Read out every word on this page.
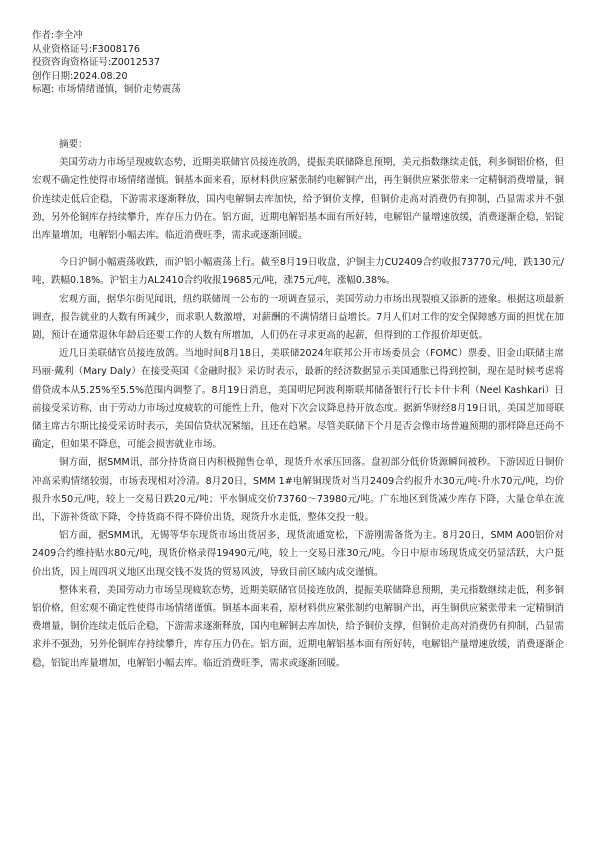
作者:李全冲
从业资格证号:F3008176
投资咨询资格证号:Z0012537
创作日期:2024.08.20
标题: 市场情绪谨慎，铜价走势震荡
摘要：

美国劳动力市场呈现疲软态势，近期美联储官员接连放鸽，提振美联储降息预期，美元指数继续走低，利多铜铝价格，但宏观不确定性使得市场情绪谨慎。铜基本面来看，原材料供应紧张制约电解铜产出，再生铜供应紧张带来一定精铜消费增量，铜价连续走低后企稳，下游需求逐渐释放，国内电解铜去库加快，给予铜价支撑，但铜价走高对消费仍有抑制，凸显需求并不强劲，另外伦铜库存持续攀升，库存压力仍在。铝方面，近期电解铝基本面有所好转，电解铝产量增速放缓，消费逐渐企稳，铝锭出库量增加，电解铝小幅去库。临近消费旺季，需求或逐渐回暖。

今日沪铜小幅震荡收跌，而沪铝小幅震荡上行。截至8月19日收盘，沪铜主力CU2409合约收报73770元/吨，跌130元/吨，跌幅0.18%。沪铝主力AL2410合约收报19685元/吨，涨75元/吨，涨幅0.38%。

宏观方面，据华尔街见闻讯，纽约联储周一公布的一项调查显示，美国劳动力市场出现裂痕又添新的迹象。根据这项最新调查，报告就业的人数有所减少，而求职人数激增，对薪酬的不满情绪日益增长。7月人们对工作的安全保障感方面的担忧在加剧，预计在通常退休年龄后还要工作的人数有所增加，人们仍在寻求更高的起薪，但得到的工作报价却更低。

近几日美联储官员接连放鸽。当地时间8月18日，美联储2024年联邦公开市场委员会（FOMC）票委、旧金山联储主席玛丽·戴利（Mary Daly）在接受英国《金融时报》采访时表示，最新的经济数据显示美国通胀已得到控制，现在是时候考虑将借贷成本从5.25%至5.5%范围内调整了。8月19日消息，美国明尼阿波利斯联邦储备银行行长卡什卡利（Neel Kashkari）日前接受采访称，由于劳动力市场过度疲软的可能性上升，他对下次会议降息持开放态度。据新华财经8月19日讯，美国芝加哥联储主席古尔斯比接受采访时表示，美国信贷状况紧缩，且还在趋紧。尽管美联储下个月是否会像市场普遍预期的那样降息还尚不确定，但如果不降息，可能会损害就业市场。

铜方面，据SMM讯，部分持货商日内积极抛售仓单，现货升水承压回落。盘初部分低价货源瞬间被秒。下游因近日铜价冲高采购情绪较弱，市场表现相对冷清。8月20日，SMM 1#电解铜现货对当月2409合约报升水30元/吨-升水70元/吨，均价报升水50元/吨，较上一交易日跌20元/吨；平水铜成交价73760～73980元/吨。广东地区到货减少库存下降，大量仓单在流出，下游补货欲下降，令持货商不得不降价出货，现货升水走低，整体交投一般。

铝方面，据SMM讯，无锡等华东现货市场出货居多，现货流通宽松，下游刚需备货为主。8月20日，SMM A00铝价对2409合约维持贴水80元/吨，现货价格录得19490元/吨，较上一交易日涨30元/吨。今日中原市场现货成交仍显活跃，大户挺价出货，因上周四巩义地区出现交钱不发货的贸易风波，导致目前区域内成交谨慎。

整体来看，美国劳动力市场呈现疲软态势，近期美联储官员接连放鸽，提振美联储降息预期，美元指数继续走低，利多铜铝价格，但宏观不确定性使得市场情绪谨慎。铜基本面来看，原材料供应紧张制约电解铜产出，再生铜供应紧张带来一定精铜消费增量，铜价连续走低后企稳，下游需求逐渐释放，国内电解铜去库加快，给予铜价支撑，但铜价走高对消费仍有抑制，凸显需求并不强劲，另外伦铜库存持续攀升，库存压力仍在。铝方面，近期电解铝基本面有所好转，电解铝产量增速放缓，消费逐渐企稳，铝锭出库量增加，电解铝小幅去库。临近消费旺季，需求或逐渐回暖。
